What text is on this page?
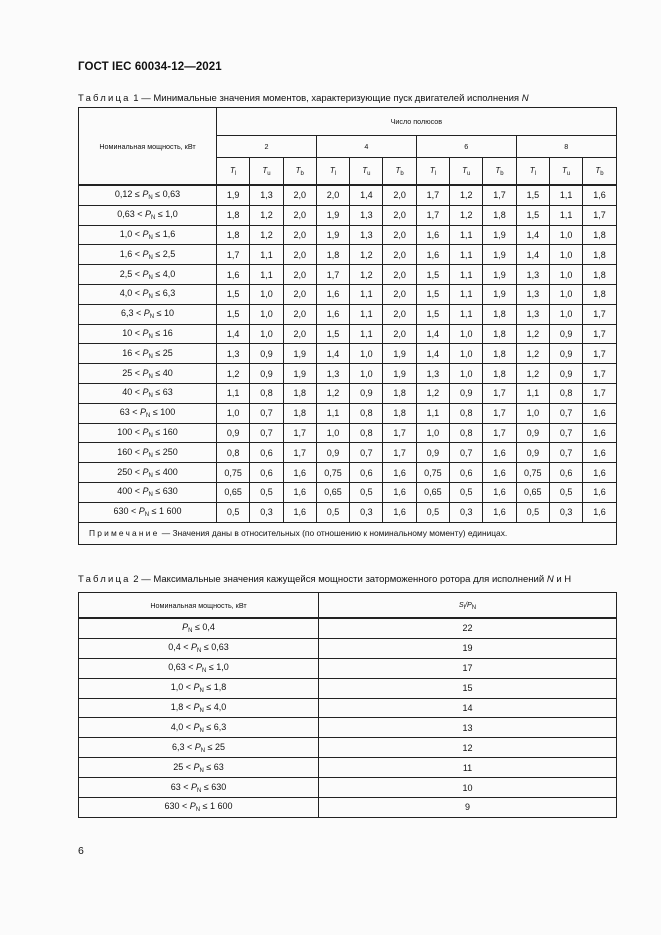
ГОСТ IEC 60034-12—2021
Таблица 1 — Минимальные значения моментов, характеризующие пуск двигателей исполнения N
Номинальная мощность, кВт	Число полюсов											
	2			4			6			8		
	$T_l$	$T_u$	$T_b$	$T_l$	$T_u$	$T_b$	$T_l$	$T_u$	$T_b$	$T_l$	$T_u$	$T_b$
$0,12 \le P_N \le 0,63$	1,9	1,3	2,0	2,0	1,4	2,0	1,7	1,2	1,7	1,5	1,1	1,6
$0,63 < P_N \le 1,0$	1,8	1,2	2,0	1,9	1,3	2,0	1,7	1,2	1,8	1,5	1,1	1,7
$1,0 < P_N \le 1,6$	1,8	1,2	2,0	1,9	1,3	2,0	1,6	1,1	1,9	1,4	1,0	1,8
$1,6 < P_N \le 2,5$	1,7	1,1	2,0	1,8	1,2	2,0	1,6	1,1	1,9	1,4	1,0	1,8
$2,5 < P_N \le 4,0$	1,6	1,1	2,0	1,7	1,2	2,0	1,5	1,1	1,9	1,3	1,0	1,8
$4,0 < P_N \le 6,3$	1,5	1,0	2,0	1,6	1,1	2,0	1,5	1,1	1,9	1,3	1,0	1,8
$6,3 < P_N \le 10$	1,5	1,0	2,0	1,6	1,1	2,0	1,5	1,1	1,8	1,3	1,0	1,7
$10 < P_N \le 16$	1,4	1,0	2,0	1,5	1,1	2,0	1,4	1,0	1,8	1,2	0,9	1,7
$16 < P_N \le 25$	1,3	0,9	1,9	1,4	1,0	1,9	1,4	1,0	1,8	1,2	0,9	1,7
$25 < P_N \le 40$	1,2	0,9	1,9	1,3	1,0	1,9	1,3	1,0	1,8	1,2	0,9	1,7
$40 < P_N \le 63$	1,1	0,8	1,8	1,2	0,9	1,8	1,2	0,9	1,7	1,1	0,8	1,7
$63 < P_N \le 100$	1,0	0,7	1,8	1,1	0,8	1,8	1,1	0,8	1,7	1,0	0,7	1,6
$100 < P_N \le 160$	0,9	0,7	1,7	1,0	0,8	1,7	1,0	0,8	1,7	0,9	0,7	1,6
$160 < P_N \le 250$	0,8	0,6	1,7	0,9	0,7	1,7	0,9	0,7	1,6	0,9	0,7	1,6
$250 < P_N \le 400$	0,75	0,6	1,6	0,75	0,6	1,6	0,75	0,6	1,6	0,75	0,6	1,6
$400 < P_N \le 630$	0,65	0,5	1,6	0,65	0,5	1,6	0,65	0,5	1,6	0,65	0,5	1,6
$630 < P_N \le 1$ 600	0,5	0,3	1,6	0,5	0,3	1,6	0,5	0,3	1,6	0,5	0,3	1,6
Примечание — Значения даны в относительных (по отношению к номинальному моменту) единицах.												
Таблица 2 — Максимальные значения кажущейся мощности заторможенного ротора для исполнений N и H
Номинальная мощность, кВт	$S_l/P_N$
$P_N \le 0,4$	22
$0,4 < P_N \le 0,63$	19
$0,63 < P_N \le 1,0$	17
$1,0 < P_N \le 1,8$	15
$1,8 < P_N \le 4,0$	14
$4,0 < P_N \le 6,3$	13
$6,3 < P_N \le 25$	12
$25 < P_N \le 63$	11
$63 < P_N \le 630$	10
$630 < P_N \le 1$ 600	9
6
